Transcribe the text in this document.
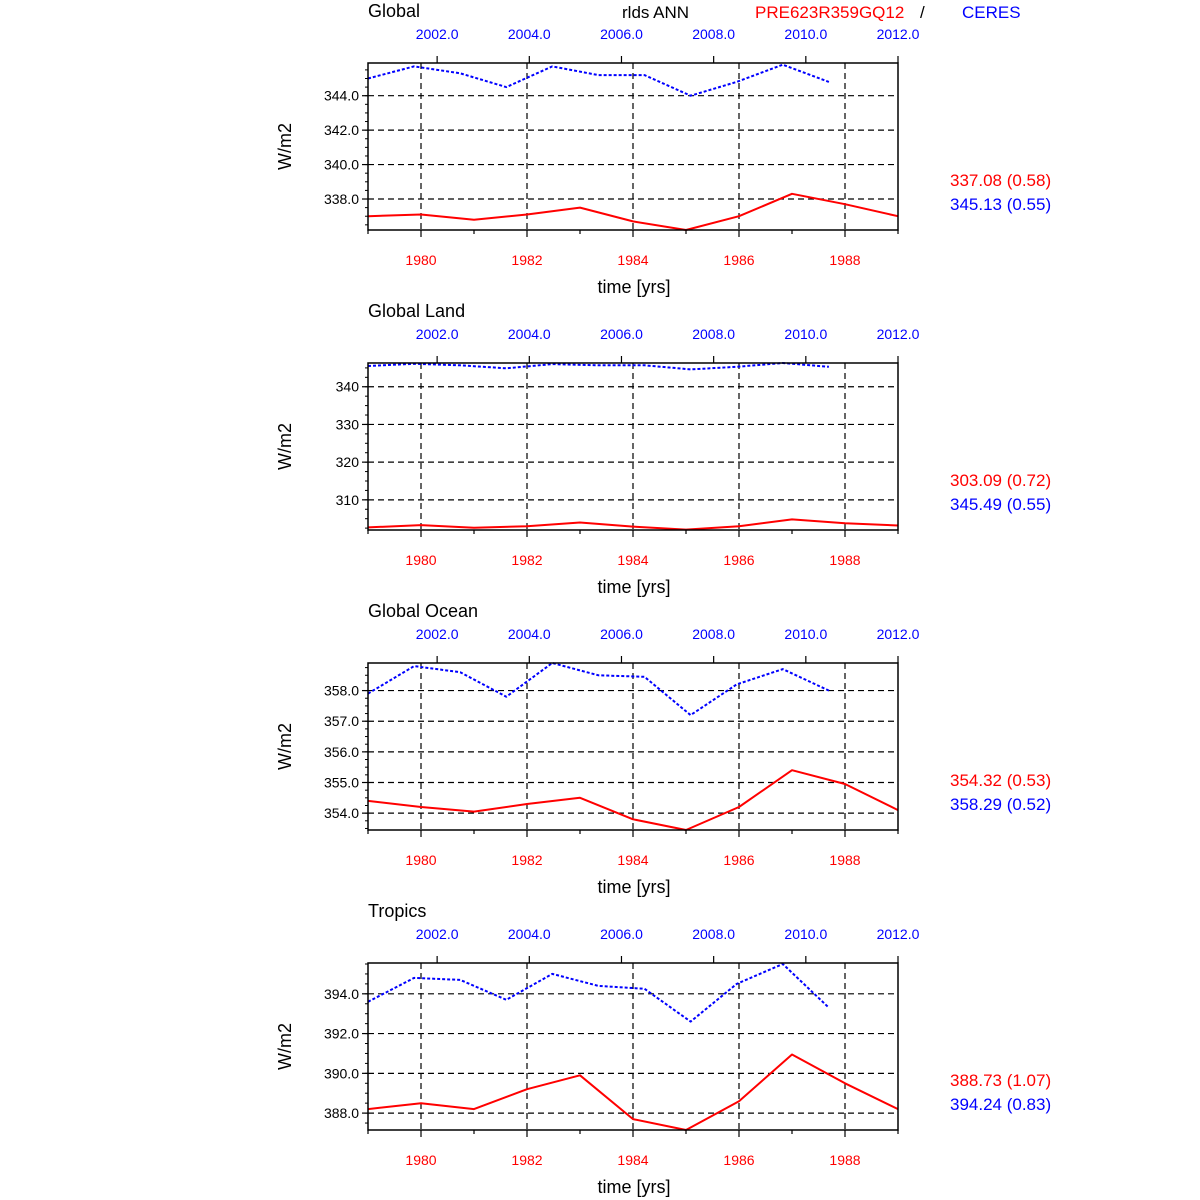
rlds ANN	PRE623R359GQ12 / CERES
Global
338.0
340.0
342.0
344.0
1980	1982	1984	1986	1988
2002.0	2004.0	2006.0	2008.0	2010.0	2012.0
time [yrs]
W/m2
337.08 (0.58)
345.13 (0.55)
Global Land
310
320
330
340
1980	1982	1984	1986	1988
2002.0	2004.0	2006.0	2008.0	2010.0	2012.0
time [yrs]
W/m2
303.09 (0.72)
345.49 (0.55)
Global Ocean
354.0
355.0
356.0
357.0
358.0
1980	1982	1984	1986	1988
2002.0	2004.0	2006.0	2008.0	2010.0	2012.0
time [yrs]
W/m2
354.32 (0.53)
358.29 (0.52)
Tropics
388.0
390.0
392.0
394.0
1980	1982	1984	1986	1988
2002.0	2004.0	2006.0	2008.0	2010.0	2012.0
time [yrs]
W/m2
388.73 (1.07)
394.24 (0.83)
